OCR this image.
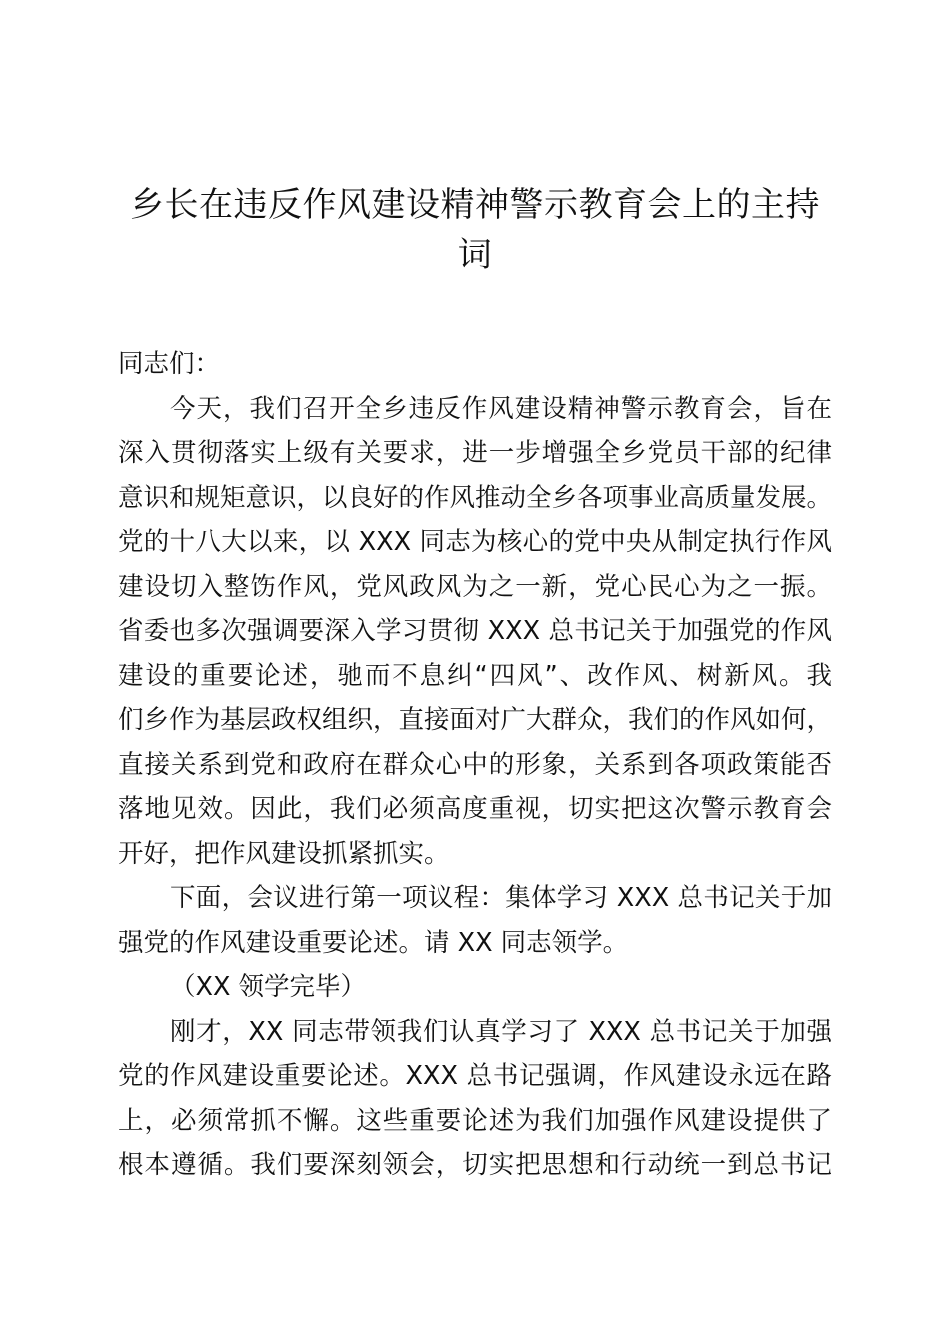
乡长在违反作风建设精神警示教育会上的主持
词
同志们：
今天，我们召开全乡违反作风建设精神警示教育会，旨在
深入贯彻落实上级有关要求，进一步增强全乡党员干部的纪律
意识和规矩意识，以良好的作风推动全乡各项事业高质量发展。
党的十八大以来，以 XXX 同志为核心的党中央从制定执行作风
建设切入整饬作风，党风政风为之一新，党心民心为之一振。
省委也多次强调要深入学习贯彻 XXX 总书记关于加强党的作风
建设的重要论述，驰而不息纠“四风”、改作风、树新风。我
们乡作为基层政权组织，直接面对广大群众，我们的作风如何，
直接关系到党和政府在群众心中的形象，关系到各项政策能否
落地见效。因此，我们必须高度重视，切实把这次警示教育会
开好，把作风建设抓紧抓实。
下面，会议进行第一项议程：集体学习 XXX 总书记关于加
强党的作风建设重要论述。请 XX 同志领学。
（XX 领学完毕）
刚才，XX 同志带领我们认真学习了 XXX 总书记关于加强
党的作风建设重要论述。XXX 总书记强调，作风建设永远在路
上，必须常抓不懈。这些重要论述为我们加强作风建设提供了
根本遵循。我们要深刻领会，切实把思想和行动统一到总书记
